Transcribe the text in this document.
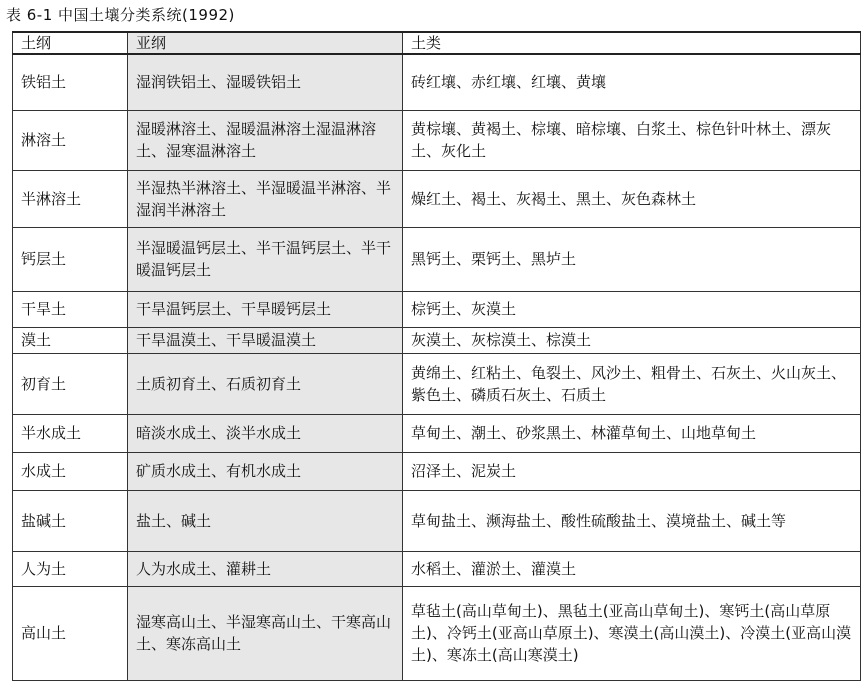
表 6-1 中国土壤分类系统(1992)
土纲	亚纲	土类
铁铝土	湿润铁铝土、湿暖铁铝土	砖红壤、赤红壤、红壤、黄壤
淋溶土	湿暖淋溶土、湿暖温淋溶土湿温淋溶土、湿寒温淋溶土	黄棕壤、黄褐土、棕壤、暗棕壤、白浆土、棕色针叶林土、漂灰土、灰化土
半淋溶土	半湿热半淋溶土、半湿暖温半淋溶、半湿润半淋溶土	燥红土、褐土、灰褐土、黑土、灰色森林土
钙层土	半湿暖温钙层土、半干温钙层土、半干暖温钙层土	黑钙土、栗钙土、黑垆土
干旱土	干旱温钙层土、干旱暖钙层土	棕钙土、灰漠土
漠土	干旱温漠土、干旱暖温漠土	灰漠土、灰棕漠土、棕漠土
初育土	土质初育土、石质初育土	黄绵土、红粘土、龟裂土、风沙土、粗骨土、石灰土、火山灰土、紫色土、磷质石灰土、石质土
半水成土	暗淡水成土、淡半水成土	草甸土、潮土、砂浆黑土、林灌草甸土、山地草甸土
水成土	矿质水成土、有机水成土	沼泽土、泥炭土
盐碱土	盐土、碱土	草甸盐土、濒海盐土、酸性硫酸盐土、漠境盐土、碱土等
人为土	人为水成土、灌耕土	水稻土、灌淤土、灌漠土
高山土	湿寒高山土、半湿寒高山土、干寒高山土、寒冻高山土	草毡土(高山草甸土)、黑毡土(亚高山草甸土)、寒钙土(高山草原土)、冷钙土(亚高山草原土)、寒漠土(高山漠土)、冷漠土(亚高山漠土)、寒冻土(高山寒漠土)
